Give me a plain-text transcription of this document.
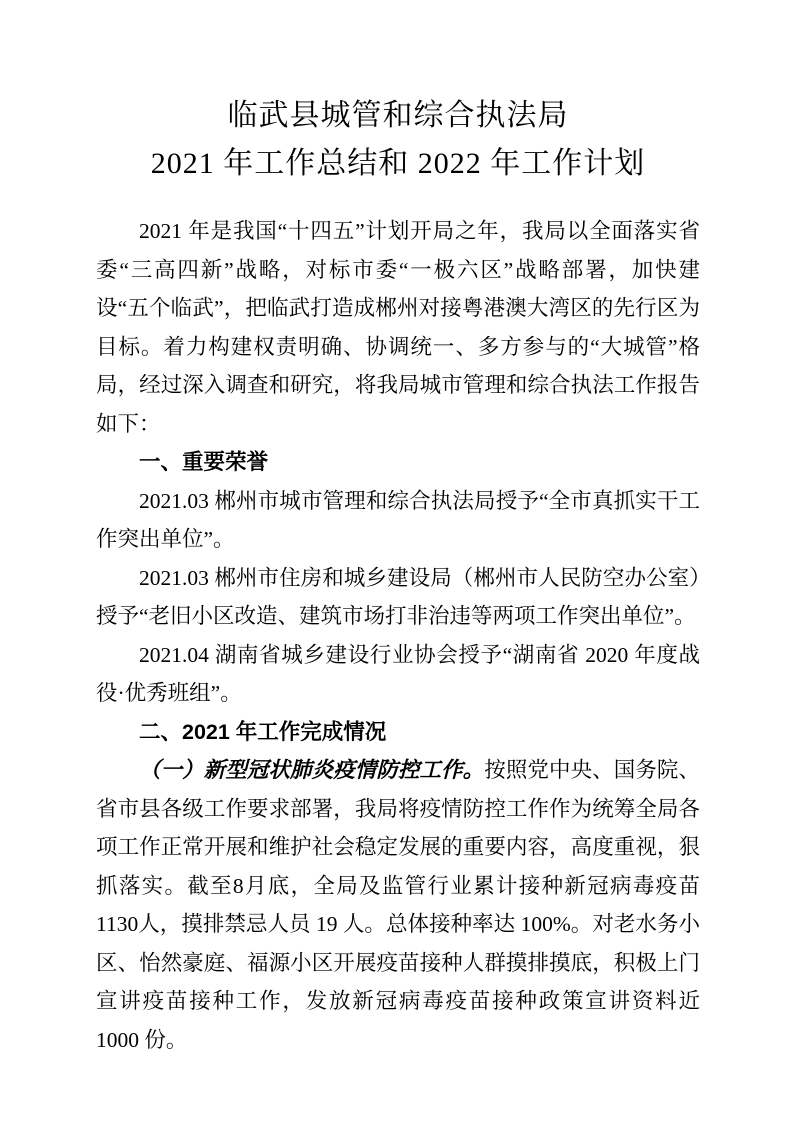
临武县城管和综合执法局
2021 年工作总结和 2022 年工作计划

2021 年是我国“十四五”计划开局之年，我局以全面落实省委“三高四新”战略，对标市委“一极六区”战略部署，加快建设“五个临武”，把临武打造成郴州对接粤港澳大湾区的先行区为目标。着力构建权责明确、协调统一、多方参与的“大城管”格局，经过深入调查和研究，将我局城市管理和综合执法工作报告如下：

一、重要荣誉

2021.03 郴州市城市管理和综合执法局授予“全市真抓实干工作突出单位”。

2021.03 郴州市住房和城乡建设局（郴州市人民防空办公室）授予“老旧小区改造、建筑市场打非治违等两项工作突出单位”。

2021.04 湖南省城乡建设行业协会授予“湖南省 2020 年度战役·优秀班组”。

二、2021 年工作完成情况

（一）新型冠状肺炎疫情防控工作。按照党中央、国务院、省市县各级工作要求部署，我局将疫情防控工作作为统筹全局各项工作正常开展和维护社会稳定发展的重要内容，高度重视，狠抓落实。截至8月底，全局及监管行业累计接种新冠病毒疫苗1130人，摸排禁忌人员 19 人。总体接种率达 100%。对老水务小区、怡然豪庭、福源小区开展疫苗接种人群摸排摸底，积极上门宣讲疫苗接种工作，发放新冠病毒疫苗接种政策宣讲资料近 1000 份。
